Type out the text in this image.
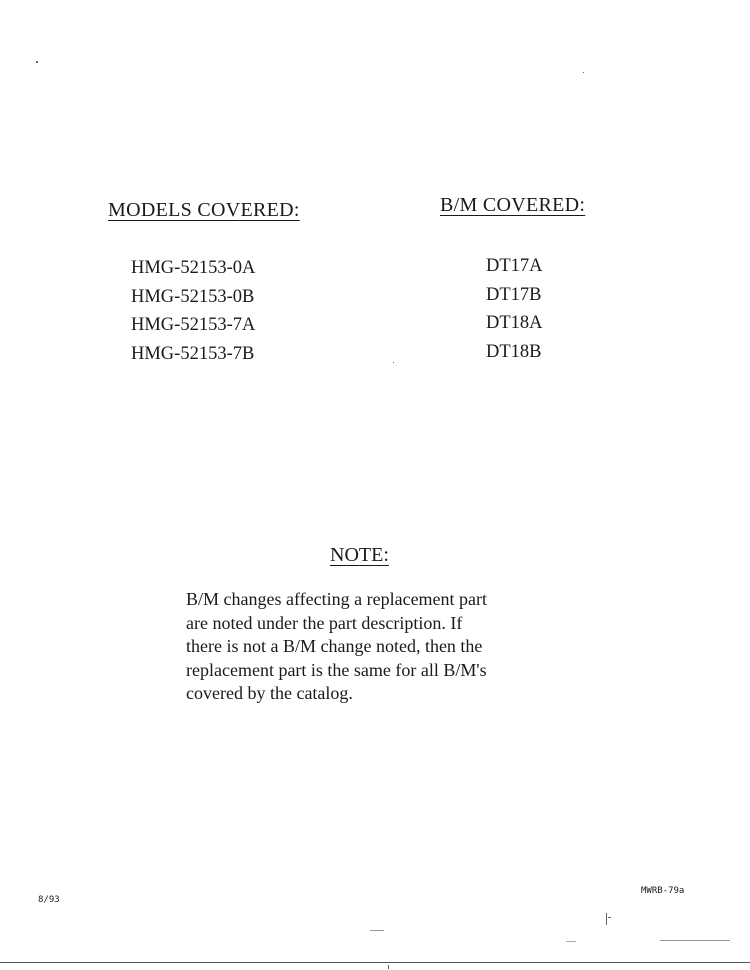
MODELS COVERED:	B/M COVERED:
HMG-52153-0A
HMG-52153-0B
HMG-52153-7A
HMG-52153-7B
DT17A
DT17B
DT18A
DT18B
NOTE:

B/M changes affecting a replacement part
are noted under the part description. If
there is not a B/M change noted, then the
replacement part is the same for all B/M's
covered by the catalog.

8/93
MWRB-79a
